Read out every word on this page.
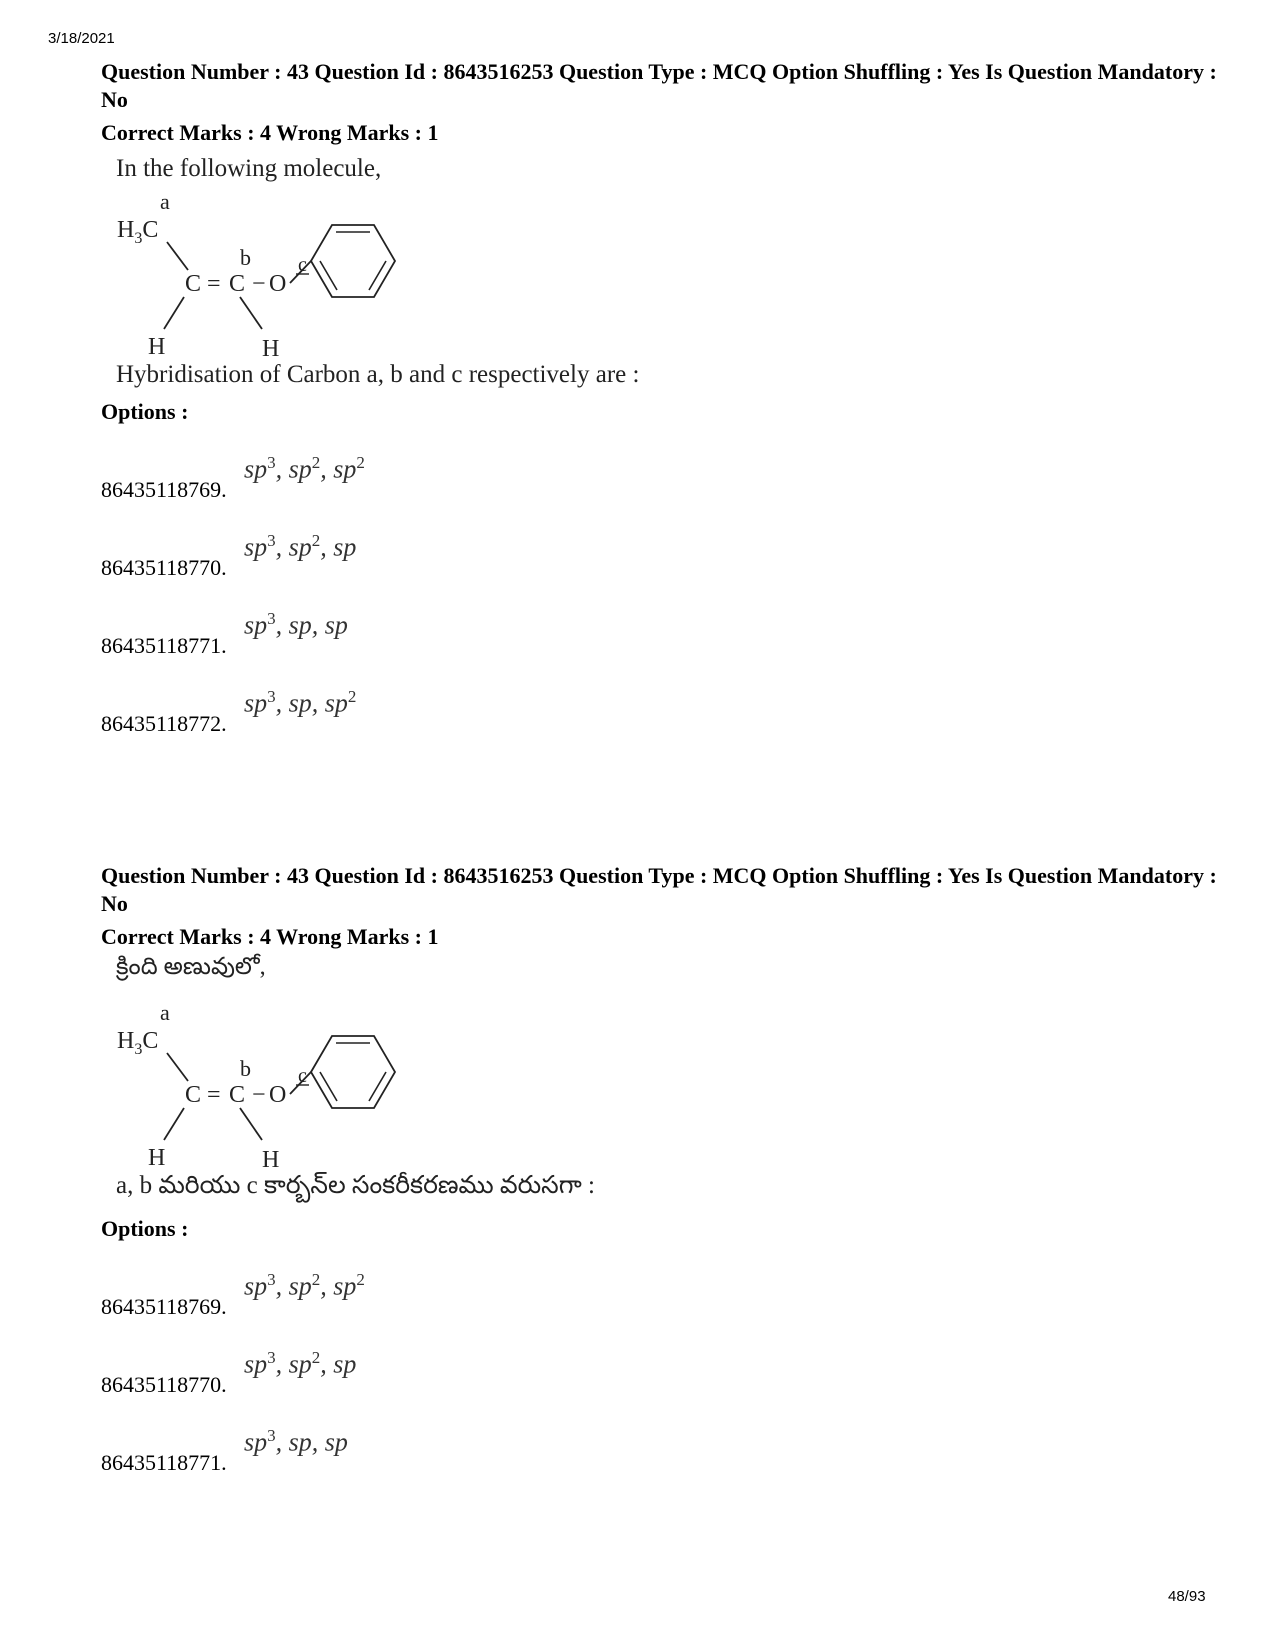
3/18/2021
Question Number : 43 Question Id : 8643516253 Question Type : MCQ Option Shuffling : Yes Is Question Mandatory : No
Correct Marks : 4 Wrong Marks : 1
In the following molecule,
a
$H_3C$
b
C = C − O
c
H	H
Hybridisation of Carbon a, b and c respectively are :
Options :
86435118769.
$sp^3$, $sp^2$, $sp^2$
86435118770.
$sp^3$, $sp^2$, sp
86435118771.
$sp^3$, sp, sp
86435118772.
$sp^3$, sp, $sp^2$
Question Number : 43 Question Id : 8643516253 Question Type : MCQ Option Shuffling : Yes Is Question Mandatory : No
Correct Marks : 4 Wrong Marks : 1
క్రింది అణువులో,
a
$H_3C$
b
C = C − O
c
H	H
a, b మరియు c కార్బన్‌ల సంకరీకరణము వరుసగా :
Options :
86435118769.
$sp^3$, $sp^2$, $sp^2$
86435118770.
$sp^3$, $sp^2$, sp
86435118771.
$sp^3$, sp, sp
48/93
